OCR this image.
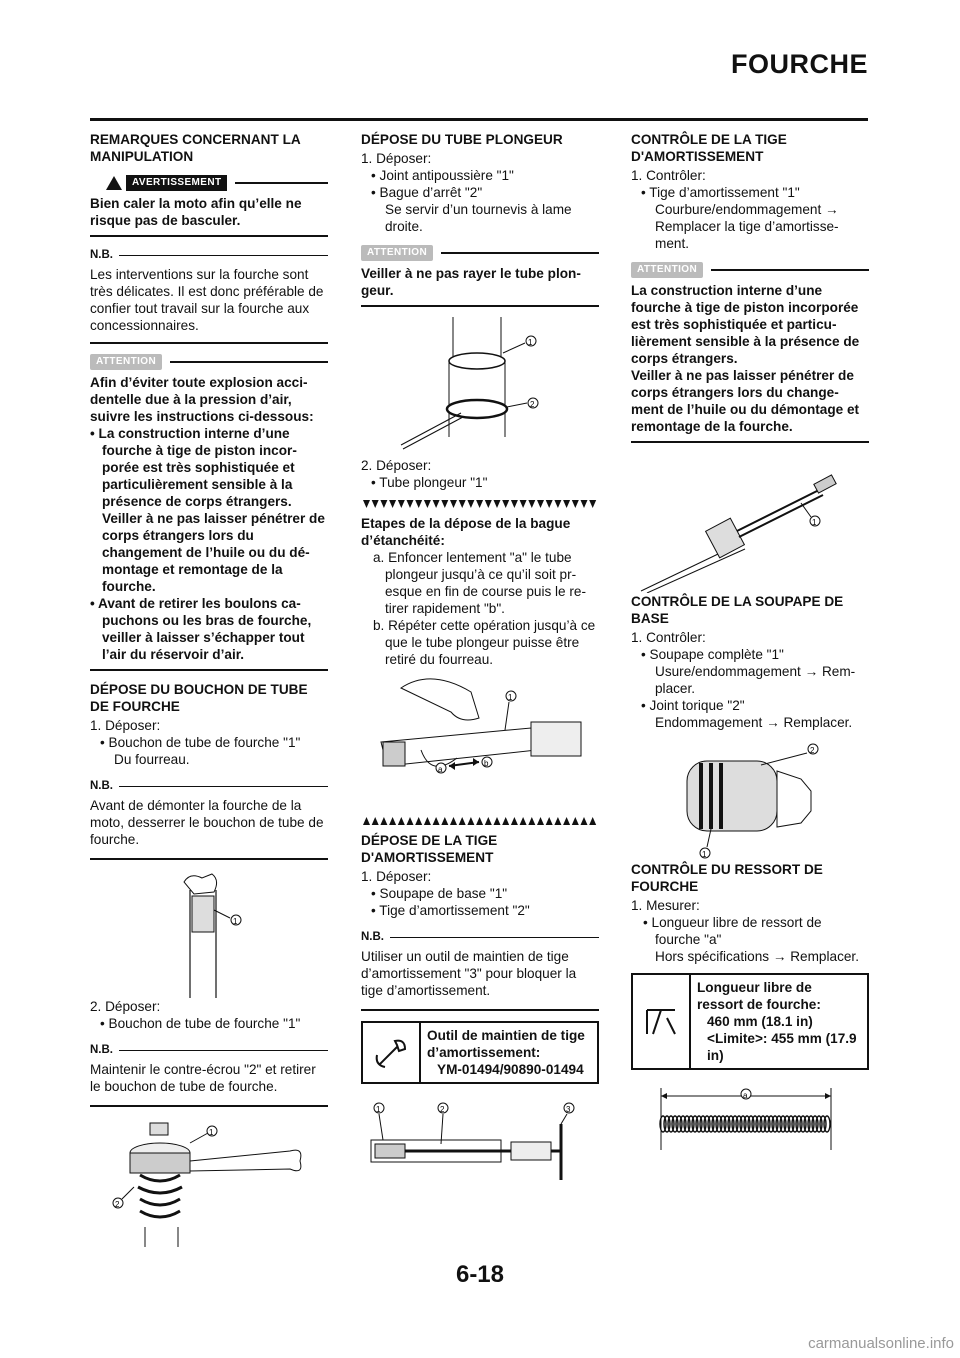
FOURCHE
REMARQUES CONCERNANT LA MANIPULATION
AVERTISSEMENT

Bien caler la moto afin qu’elle ne risque pas de basculer.

N.B.

Les interventions sur la fourche sont très délicates. Il est donc préférable de confier tout travail sur la fourche aux concessionnaires.

ATTENTION

Afin d’éviter toute explosion acci-dentelle due à la pression d’air, suivre les instructions ci-dessous:

• La construction interne d’une fourche à tige de piston incor-porée est très sophistiquée et particulièrement sensible à la présence de corps étrangers. Veiller à ne pas laisser pénétrer de corps étrangers lors du changement de l’huile ou du dé-montage et remontage de la fourche.

• Avant de retirer les boulons ca-puchons ou les bras de fourche, veiller à laisser s’échapper tout l’air du réservoir d’air.

DÉPOSE DU BOUCHON DE TUBE DE FOURCHE

1. Déposer:

• Bouchon de tube de fourche "1"

Du fourreau.

N.B.

Avant de démonter la fourche de la moto, desserrer le bouchon de tube de fourche.

1

2. Déposer:

• Bouchon de tube de fourche "1"

N.B.

Maintenir le contre-écrou "2" et retirer le bouchon de tube de fourche.

1
2
DÉPOSE DU TUBE PLONGEUR

1. Déposer:

• Joint antipoussière "1"

• Bague d’arrêt "2"

Se servir d’un tournevis à lame droite.

ATTENTION

Veiller à ne pas rayer le tube plon-geur.

1
2

2. Déposer:

• Tube plongeur "1"

Etapes de la dépose de la bague d’étanchéité:

a. Enfoncer lentement "a" le tube plongeur jusqu’à ce qu’il soit pr-esque en fin de course puis le re-tirer rapidement "b".

b. Répéter cette opération jusqu’à ce que le tube plongeur puisse être retiré du fourreau.

1
a
b
DÉPOSE DE LA TIGE D'AMORTISSEMENT

1. Déposer:

• Soupape de base "1"

• Tige d’amortissement "2"

N.B.

Utiliser un outil de maintien de tige d’amortissement "3" pour bloquer la tige d’amortissement.

Outil de maintien de tige d’amortissement:

YM-01494/90890-01494

1	2	3
CONTRÔLE DE LA TIGE D'AMORTISSEMENT

1. Contrôler:

• Tige d’amortissement "1"

Courbure/endommagement → Remplacer la tige d’amortisse-ment.

ATTENTION

La construction interne d’une fourche à tige de piston incorporée est très sophistiquée et particu-lièrement sensible à la présence de corps étrangers.

Veiller à ne pas laisser pénétrer de corps étrangers lors du change-ment de l’huile ou du démontage et remontage de la fourche.

1
CONTRÔLE DE LA SOUPAPE DE BASE

1. Contrôler:

• Soupape complète "1"

Usure/endommagement → Rem-placer.

• Joint torique "2"

Endommagement → Remplacer.

2
1
CONTRÔLE DU RESSORT DE FOURCHE

1. Mesurer:

• Longueur libre de ressort de fourche "a"

Hors spécifications → Remplacer.

Longueur libre de ressort de fourche:

460 mm (18.1 in)

<Limite>: 455 mm (17.9 in)

a
6-18
carmanualsonline.info
